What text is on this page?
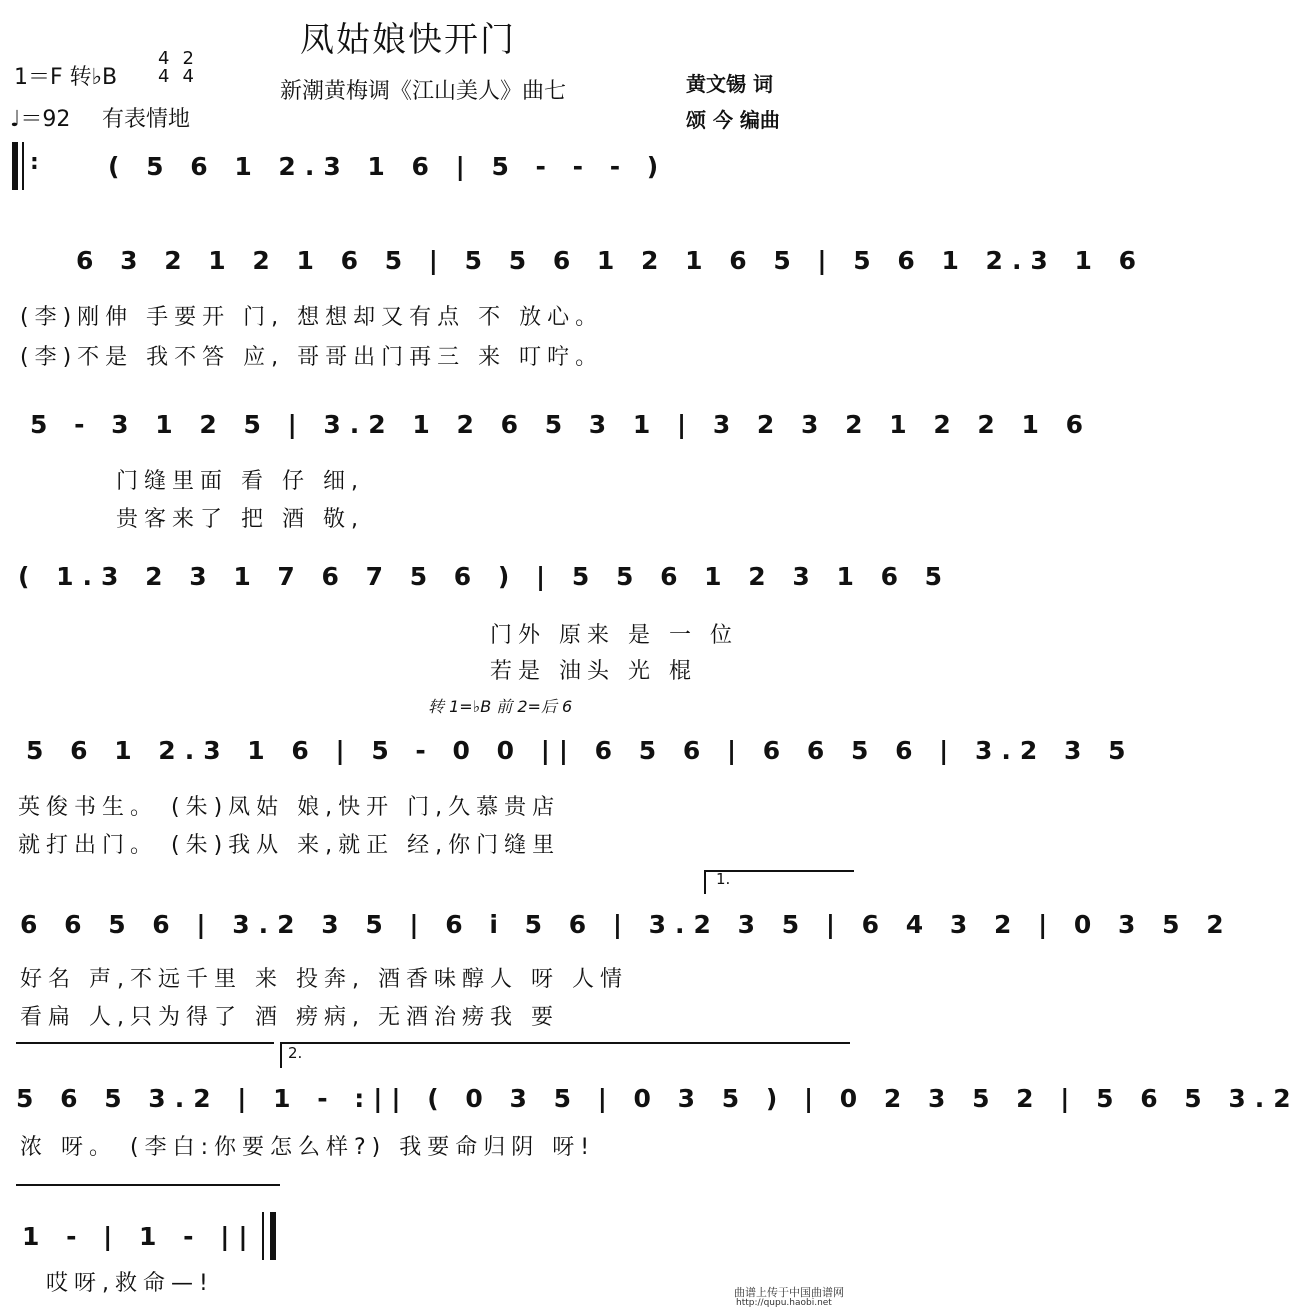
凤姑娘快开门
1＝F 转♭B
4
4 2
4
♩＝92 有表情地
新潮黄梅调《江山美人》曲七	黄文锡 词
颂 今 编曲
: ( 5 6 1 2.3 1 6 | 5 - - - )
6 3 2 1 2 1 6 5 | 5 5 6 1 2 1 6 5 | 5 6 1 2.3 1 6
(李)刚伸 手要开 门, 想想却又有点 不 放心。
(李)不是 我不答 应, 哥哥出门再三 来 叮咛。
5 - 3 1 2 5 | 3.2 1 2 6 5 3 1 | 3 2 3 2 1 2 2 1 6
门缝里面 看 仔 细,
贵客来了 把 酒 敬,
( 1.3 2 3 1 7 6 7 5 6 ) | 5 5 6 1 2 3 1 6 5
门外 原来 是 一 位
若是 油头 光 棍
转 1=♭B 前 2=后 6
5 6 1 2.3 1 6 | 5 - 0 0 || 6 5 6 | 6 6 5 6 | 3.2 3 5
英俊书生。 (朱)凤姑 娘,快开 门,久慕贵店
就打出门。 (朱)我从 来,就正 经,你门缝里
1.
6 6 5 6 | 3.2 3 5 | 6 i 5 6 | 3.2 3 5 | 6 4 3 2 | 0 3 5 2
好名 声,不远千里 来 投奔, 酒香味醇人 呀 人情
看扁 人,只为得了 酒 痨病, 无酒治痨我 要
2.
5 6 5 3.2 | 1 - :|| ( 0 3 5 | 0 3 5 ) | 0 2 3 5 2 | 5 6 5 3.2
浓 呀。 (李白:你要怎么样?) 我要命归阴 呀!
1 - | 1 - ||
哎呀,救命—!	曲谱上传于中国曲谱网
http://qupu.haobi.net
